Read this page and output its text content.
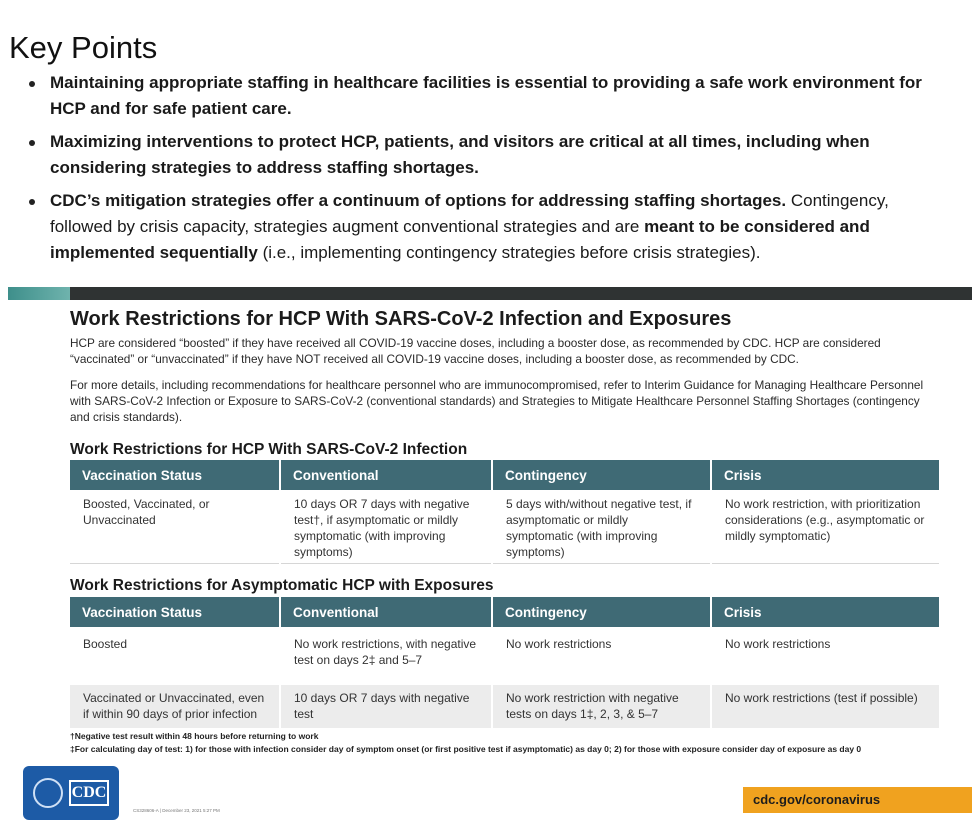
Key Points
Maintaining appropriate staffing in healthcare facilities is essential to providing a safe work environment for HCP and for safe patient care.
Maximizing interventions to protect HCP, patients, and visitors are critical at all times, including when considering strategies to address staffing shortages.
CDC’s mitigation strategies offer a continuum of options for addressing staffing shortages. Contingency, followed by crisis capacity, strategies augment conventional strategies and are meant to be considered and implemented sequentially (i.e., implementing contingency strategies before crisis strategies).
Work Restrictions for HCP With SARS-CoV-2 Infection and Exposures
HCP are considered “boosted” if they have received all COVID-19 vaccine doses, including a booster dose, as recommended by CDC. HCP are considered “vaccinated” or “unvaccinated” if they have NOT received all COVID-19 vaccine doses, including a booster dose, as recommended by CDC.
For more details, including recommendations for healthcare personnel who are immunocompromised, refer to Interim Guidance for Managing Healthcare Personnel with SARS-CoV-2 Infection or Exposure to SARS-CoV-2 (conventional standards) and Strategies to Mitigate Healthcare Personnel Staffing Shortages (contingency and crisis standards).
Work Restrictions for HCP With SARS-CoV-2 Infection
Vaccination Status	Conventional	Contingency	Crisis
Boosted, Vaccinated, or Unvaccinated	10 days OR 7 days with negative test†, if asymptomatic or mildly symptomatic (with improving symptoms)	5 days with/without negative test, if asymptomatic or mildly symptomatic (with improving symptoms)	No work restriction, with prioritization considerations (e.g., asymptomatic or mildly symptomatic)
Work Restrictions for Asymptomatic HCP with Exposures
Vaccination Status	Conventional	Contingency	Crisis
Boosted	No work restrictions, with negative test on days 2‡ and 5–7	No work restrictions	No work restrictions
Vaccinated or Unvaccinated, even if within 90 days of prior infection	10 days OR 7 days with negative test	No work restriction with negative tests on days 1‡, 2, 3, & 5–7	No work restrictions (test if possible)
†Negative test result within 48 hours before returning to work
‡For calculating day of test: 1) for those with infection consider day of symptom onset (or first positive test if asymptomatic) as day 0; 2) for those with exposure consider day of exposure as day 0
CDC
CS328606-A | December 23, 2021 5:27 PM
cdc.gov/coronavirus
